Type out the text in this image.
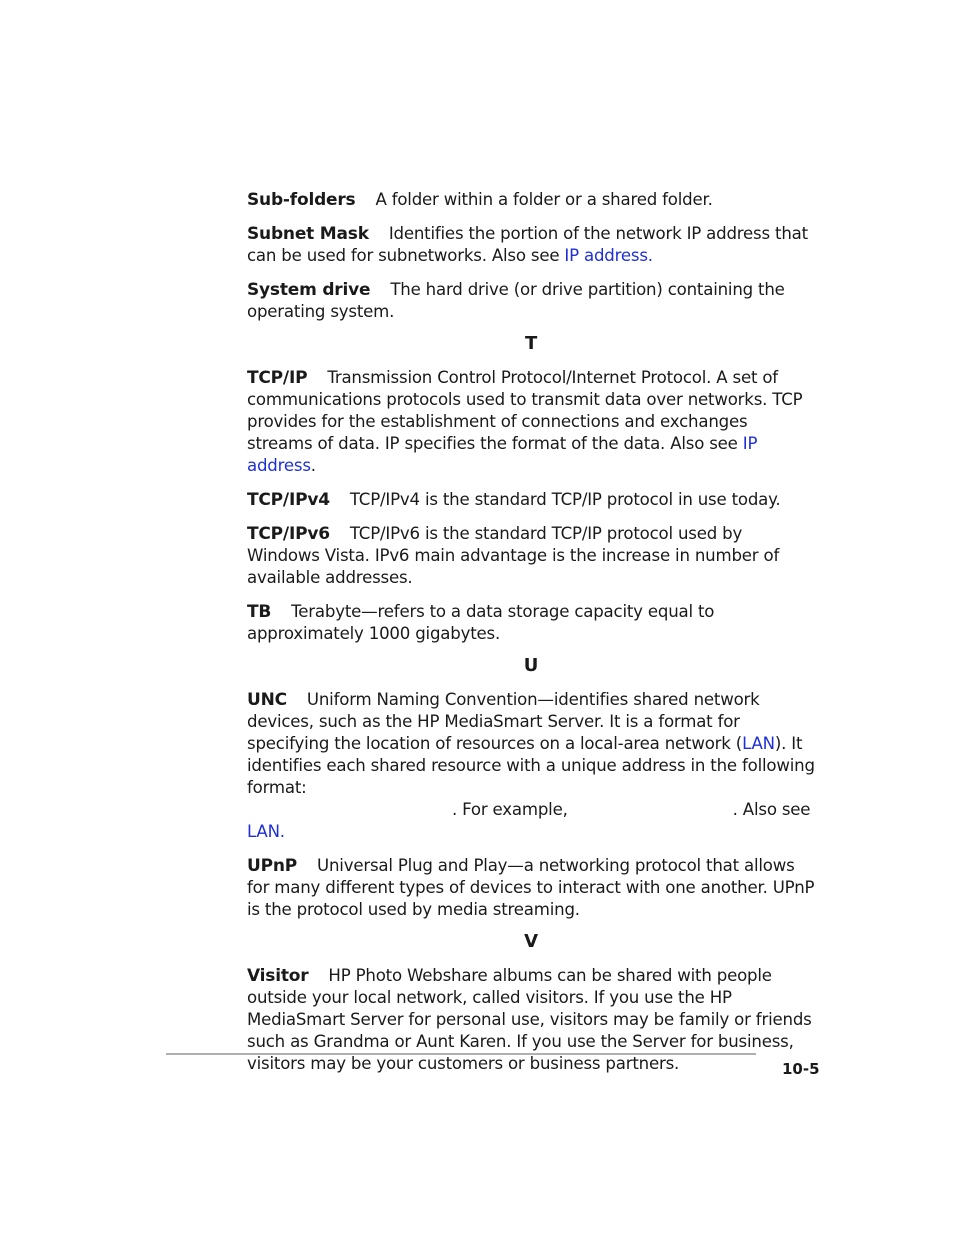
Sub-folders A folder within a folder or a shared folder.

Subnet Mask Identifies the portion of the network IP address that can be used for subnetworks. Also see IP address.

System drive The hard drive (or drive partition) containing the operating system.

T

TCP/IP Transmission Control Protocol/Internet Protocol. A set of communications protocols used to transmit data over networks. TCP provides for the establishment of connections and exchanges streams of data. IP specifies the format of the data. Also see IP address.

TCP/IPv4 TCP/IPv4 is the standard TCP/IP protocol in use today.

TCP/IPv6 TCP/IPv6 is the standard TCP/IP protocol used by Windows Vista. IPv6 main advantage is the increase in number of available addresses.

TB Terabyte—refers to a data storage capacity equal to approximately 1000 gigabytes.

U

UNC Uniform Naming Convention—identifies shared network devices, such as the HP MediaSmart Server. It is a format for specifying the location of resources on a local-area network (LAN). It identifies each shared resource with a unique address in the following format:
. For example,	. Also see
LAN.

UPnP Universal Plug and Play—a networking protocol that allows for many different types of devices to interact with one another. UPnP is the protocol used by media streaming.

V

Visitor HP Photo Webshare albums can be shared with people outside your local network, called visitors. If you use the HP MediaSmart Server for personal use, visitors may be family or friends such as Grandma or Aunt Karen. If you use the Server for business, visitors may be your customers or business partners.	10-5
